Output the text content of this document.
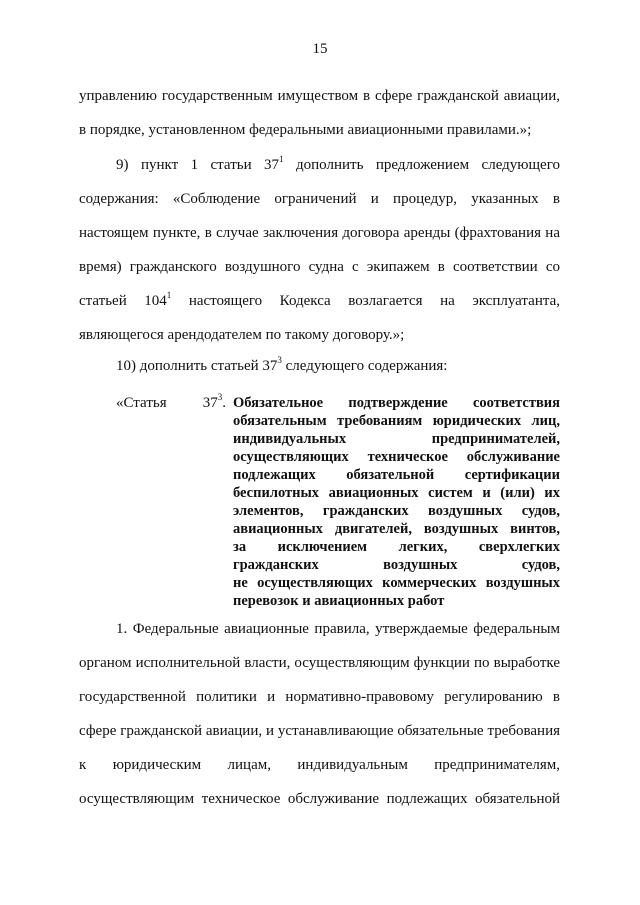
15
управлению государственным имуществом в сфере гражданской авиации,
в порядке, установленном федеральными авиационными правилами.»;
9) пункт 1 статьи $37^1$ дополнить предложением следующего
содержания: «Соблюдение ограничений и процедур, указанных в
настоящем пункте, в случае заключения договора аренды (фрахтования на
время) гражданского воздушного судна с экипажем в соответствии со
статьей $104^1$ настоящего Кодекса возлагается на эксплуатанта,
являющегося арендодателем по такому договору.»;
10) дополнить статьей $37^3$ следующего содержания:
«Статья $37^3$. Обязательное подтверждение соответствия
обязательным требованиям юридических лиц,
индивидуальных предпринимателей,
осуществляющих техническое обслуживание
подлежащих обязательной сертификации
беспилотных авиационных систем и (или) их
элементов, гражданских воздушных судов,
авиационных двигателей, воздушных винтов,
за исключением легких, сверхлегких
гражданских воздушных судов,
не осуществляющих коммерческих воздушных
перевозок и авиационных работ
1. Федеральные авиационные правила, утверждаемые федеральным
органом исполнительной власти, осуществляющим функции по выработке
государственной политики и нормативно-правовому регулированию в
сфере гражданской авиации, и устанавливающие обязательные требования
к юридическим лицам, индивидуальным предпринимателям,
осуществляющим техническое обслуживание подлежащих обязательной
